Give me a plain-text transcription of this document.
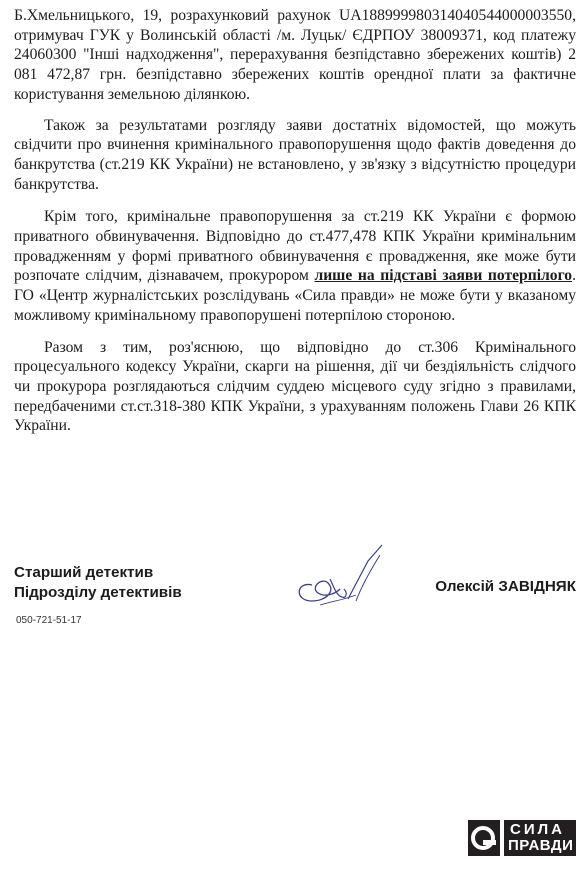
Б.Хмельницького, 19, розрахунковий рахунок UA188999980314040544000003550, отримувач ГУК у Волинській області /м. Луцьк/ ЄДРПОУ 38009371, код платежу 24060300 "Інші надходження", перерахування безпідставно збережених коштів) 2 081 472,87 грн. безпідставно збережених коштів орендної плати за фактичне користування земельною ділянкою.

Також за результатами розгляду заяви достатніх відомостей, що можуть свідчити про вчинення кримінального правопорушення щодо фактів доведення до банкрутства (ст.219 КК України) не встановлено, у зв'язку з відсутністю процедури банкрутства.

Крім того, кримінальне правопорушення за ст.219 КК України є формою приватного обвинувачення. Відповідно до ст.477,478 КПК України кримінальним провадженням у формі приватного обвинувачення є провадження, яке може бути розпочате слідчим, дізнавачем, прокурором лише на підставі заяви потерпілого. ГО «Центр журналістських розслідувань «Сила правди» не може бути у вказаному можливому кримінальному правопорушені потерпілою стороною.

Разом з тим, роз'яснюю, що відповідно до ст.306 Кримінального процесуального кодексу України, скарги на рішення, дії чи бездіяльність слідчого чи прокурора розглядаються слідчим суддею місцевого суду згідно з правилами, передбаченими ст.ст.318-380 КПК України, з урахуванням положень Глави 26 КПК України.

Старший детектив
Підрозділу детективів	Олексій ЗАВІДНЯК
050-721-51-17
СИЛА
ПРАВДИ
